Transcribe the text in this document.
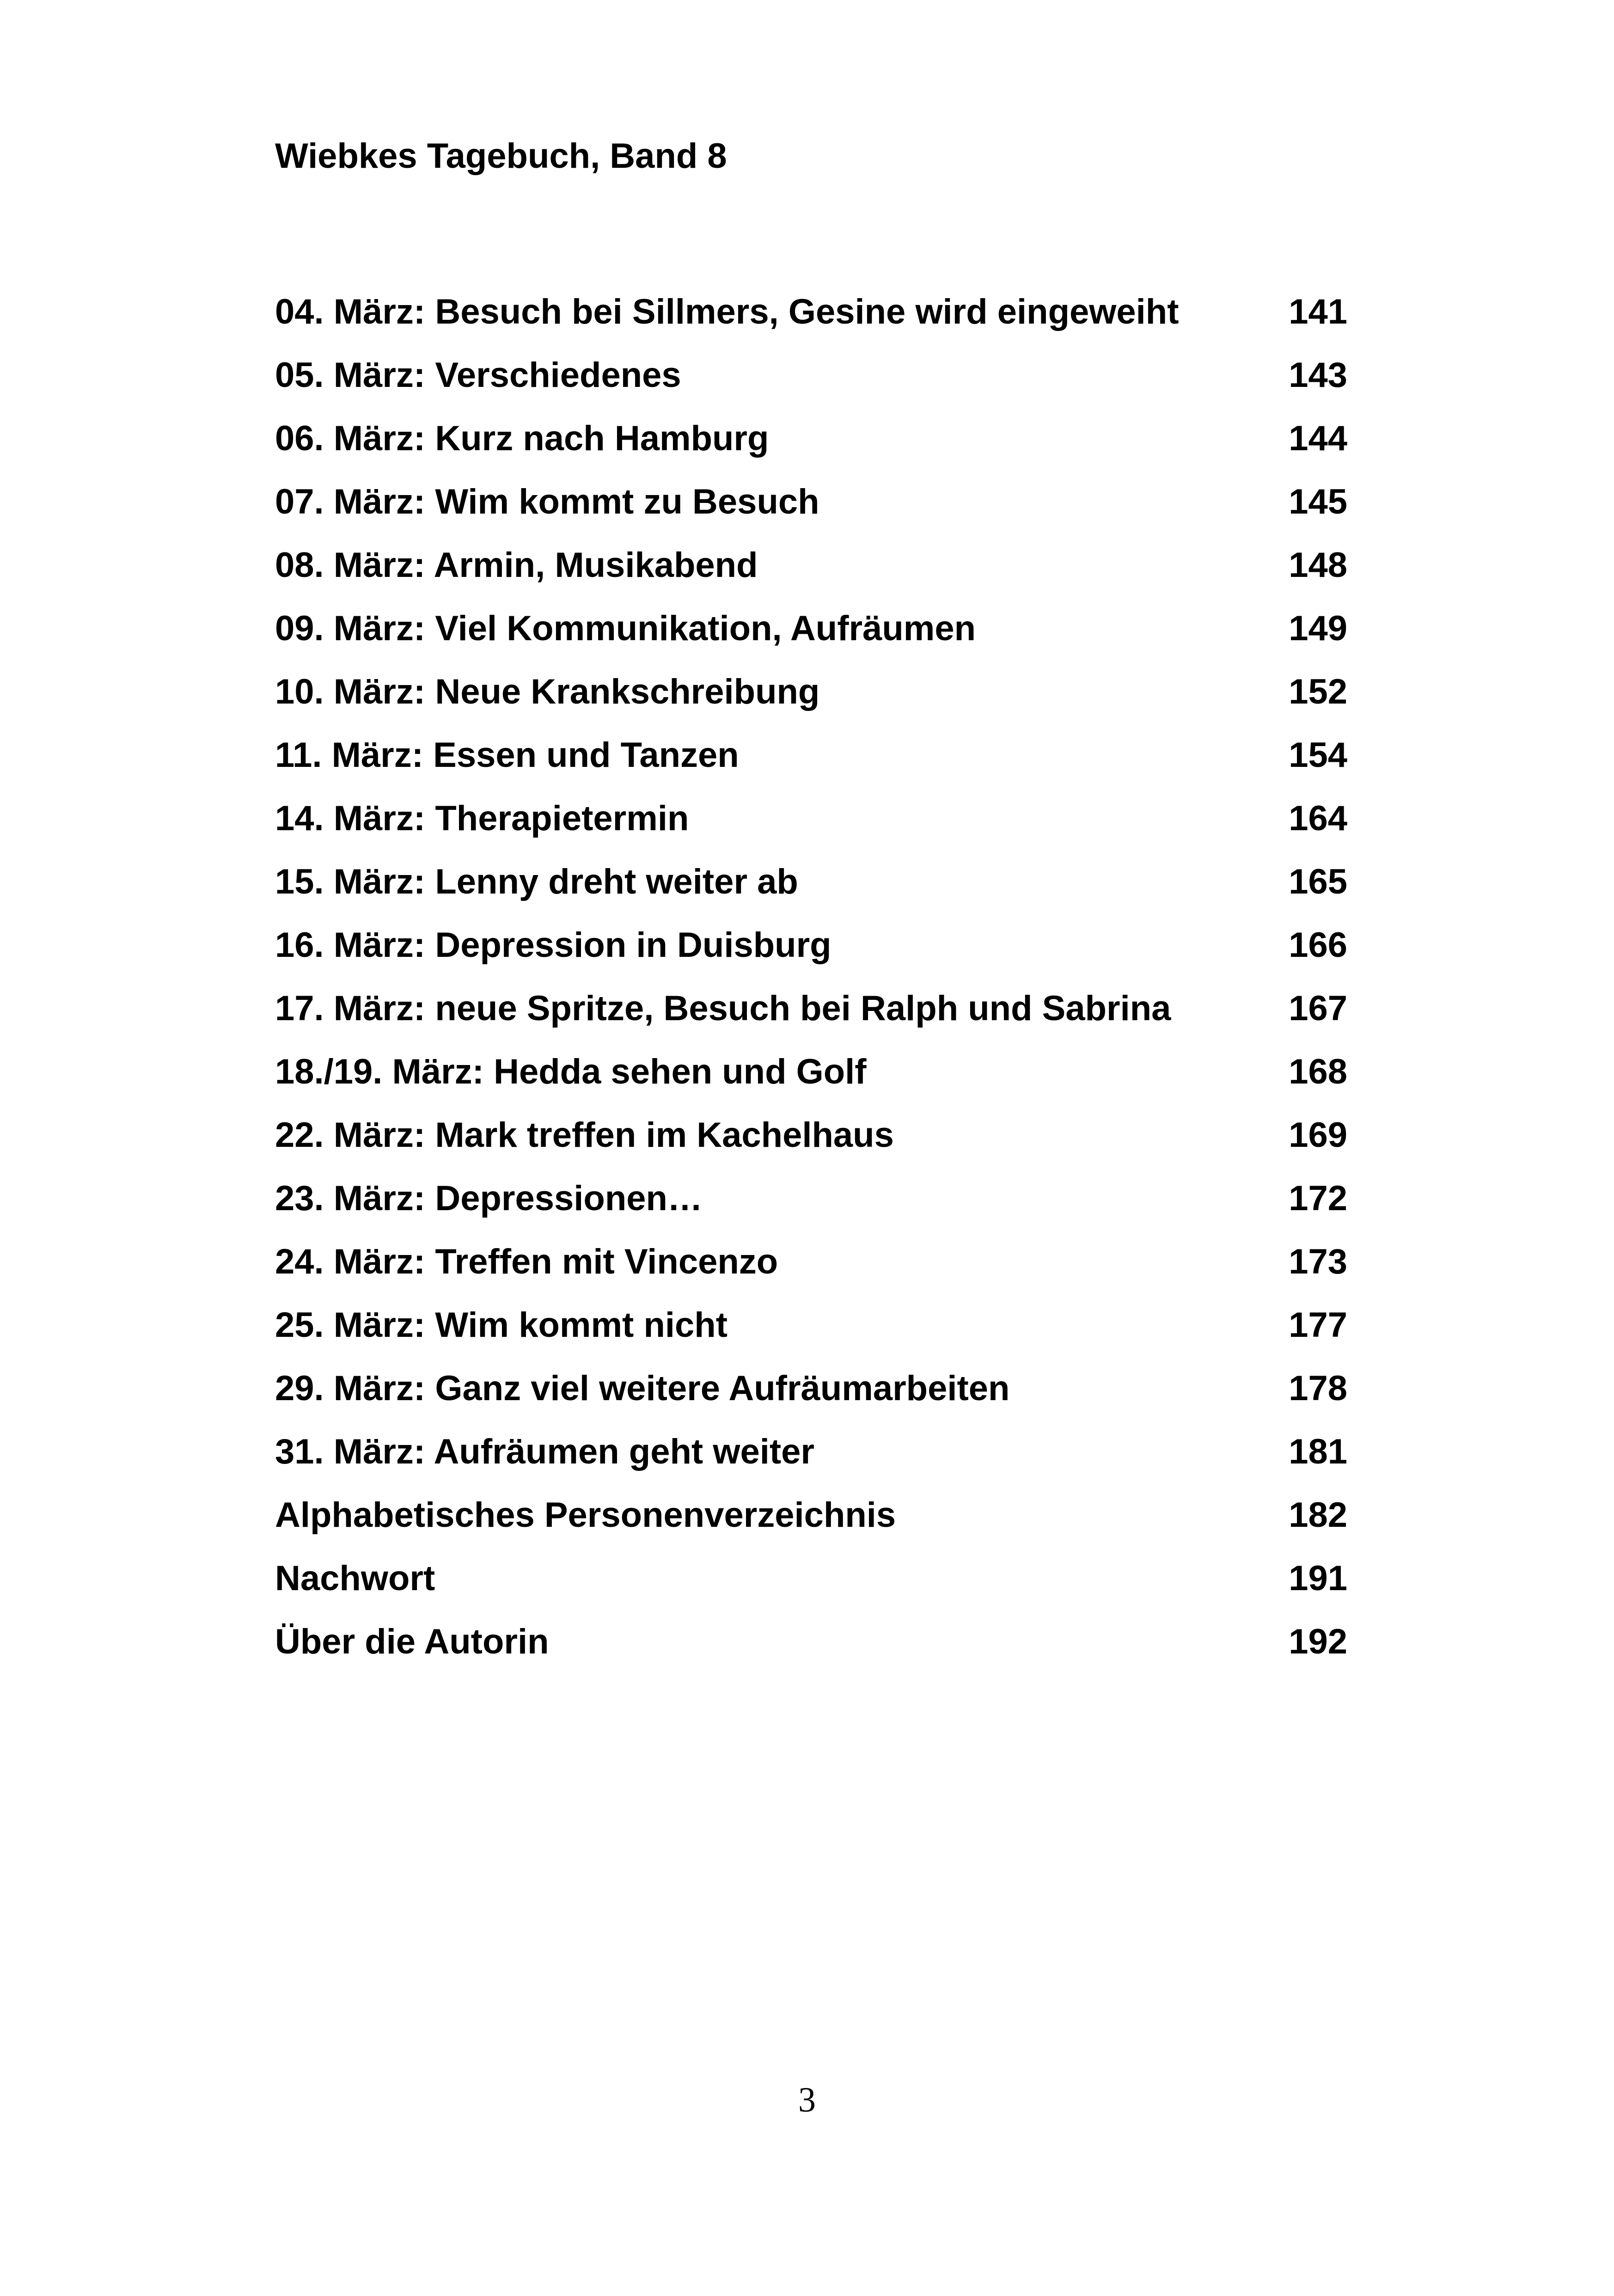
Wiebkes Tagebuch, Band 8
04. März: Besuch bei Sillmers, Gesine wird eingeweiht	141
05. März: Verschiedenes	143
06. März: Kurz nach Hamburg	144
07. März: Wim kommt zu Besuch	145
08. März: Armin, Musikabend	148
09. März: Viel Kommunikation, Aufräumen	149
10. März: Neue Krankschreibung	152
11. März: Essen und Tanzen	154
14. März: Therapietermin	164
15. März: Lenny dreht weiter ab	165
16. März: Depression in Duisburg	166
17. März: neue Spritze, Besuch bei Ralph und Sabrina	167
18./19. März: Hedda sehen und Golf	168
22. März: Mark treffen im Kachelhaus	169
23. März: Depressionen…	172
24. März: Treffen mit Vincenzo	173
25. März: Wim kommt nicht	177
29. März: Ganz viel weitere Aufräumarbeiten	178
31. März: Aufräumen geht weiter	181
Alphabetisches Personenverzeichnis	182
Nachwort	191
Über die Autorin	192
3
